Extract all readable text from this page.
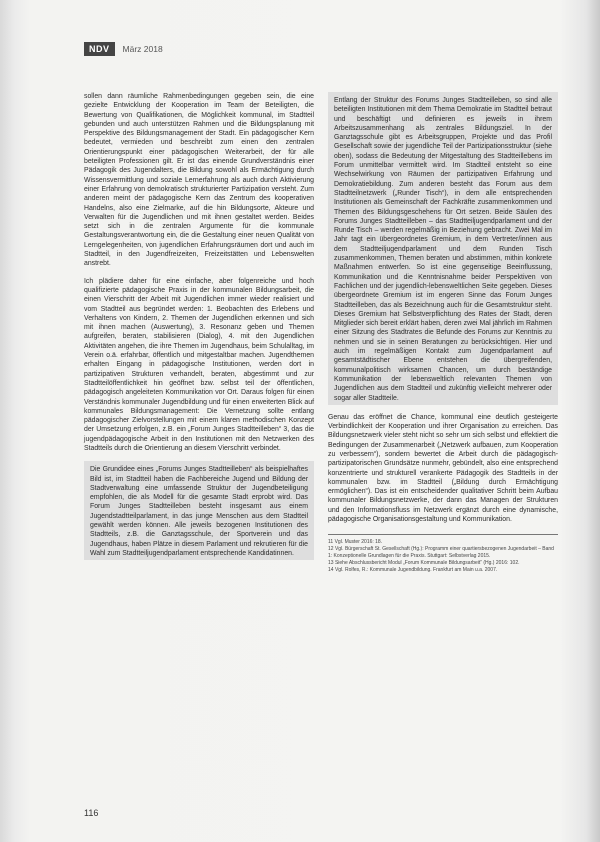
NDV	März 2018

sollen dann räumliche Rahmenbedingungen gegeben sein, die eine gezielte Entwicklung der Kooperation im Team der Beteiligten, die Bewertung von Qualifikationen, die Möglichkeit kommunal, im Stadtteil gebunden und auch unterstützen Rahmen und die Bildungsplanung mit Perspektive des Bildungsmanagement der Stadt. Ein pädagogischer Kern bedeutet, vermieden und beschreibt zum einen den zentralen Orientierungspunkt einer pädagogischen Weiterarbeit, der für alle beteiligten Professionen gilt. Er ist das einende Grundverständnis einer Pädagogik des Jugendalters, die Bildung sowohl als Ermächtigung durch Wissensvermittlung und soziale Lernerfahrung als auch durch Aktivierung einer Erfahrung von demokratisch strukturierter Partizipation versteht. Zum anderen meint der pädagogische Kern das Zentrum des kooperativen Handelns, also eine Zielmarke, auf die hin Bildungsorte, Akteure und Verwalten für die Jugendlichen und mit ihnen gestaltet werden. Beides setzt sich in die zentralen Argumente für die kommunale Gestaltungsverantwortung ein, die die Gestaltung einer neuen Qualität von Lerngelegenheiten, von jugendlichen Erfahrungsräumen dort und auch im Stadtteil, in den Jugendfreizeiten, Freizeitstätten und Lebenswelten anstrebt.

Ich plädiere daher für eine einfache, aber folgenreiche und hoch qualifizierte pädagogische Praxis in der kommunalen Bildungsarbeit, die einen Vierschritt der Arbeit mit Jugendlichen immer wieder realisiert und vom Stadtteil aus begründet werden: 1. Beobachten des Erlebens und Verhaltens von Kindern, 2. Themen der Jugendlichen erkennen und sich mit ihnen machen (Auswertung), 3. Resonanz geben und Themen aufgreifen, beraten, stabilisieren (Dialog), 4. mit den Jugendlichen Aktivitäten angehen, die ihre Themen im Jugendhaus, beim Schulalltag, im Verein o.ä. erfahrbar, öffentlich und mitgestaltbar machen. Jugendthemen erhalten Eingang in pädagogische Institutionen, werden dort in partizipativen Strukturen verhandelt, beraten, abgestimmt und zur Stadtteilöffentlichkeit hin geöffnet bzw. selbst teil der öffentlichen, pädagogisch angeleiteten Kommunikation vor Ort. Daraus folgen für einen Verständnis kommunaler Jugendbildung und für einen erweiterten Blick auf kommunales Bildungsmanagement: Die Vernetzung sollte entlang pädagogischer Zielvorstellungen mit einem klaren methodischen Konzept der Umsetzung erfolgen, z.B. ein „Forum Junges Stadtteilleben“ 3, das die jugendpädagogische Arbeit in den Institutionen mit den Netzwerken des Stadtteils durch die Orientierung an diesem Vierschritt verbindet.

Die Grundidee eines „Forums Junges Stadtteilleben“ als beispielhaftes Bild ist, im Stadtteil haben die Fachbereiche Jugend und Bildung der Stadtverwaltung eine umfassende Struktur der Jugendbeteiligung empfohlen, die als Modell für die gesamte Stadt erprobt wird. Das Forum Junges Stadtteilleben besteht insgesamt aus einem Jugendstadtteilparlament, in das junge Menschen aus dem Stadtteil gewählt werden können. Alle jeweils bezogenen Institutionen des Stadtteils, z.B. die Ganztagsschule, der Sportverein und das Jugendhaus, haben Plätze in diesem Parlament und rekrutieren für die Wahl zum Stadtteiljugendparlament entsprechende Kandidatinnen.

Entlang der Struktur des Forums Junges Stadtteilleben, so sind alle beteiligten Institutionen mit dem Thema Demokratie im Stadtteil betraut und beschäftigt und definieren es jeweils in ihrem Arbeitszusammenhang als zentrales Bildungsziel. In der Ganztagsschule gibt es Arbeitsgruppen, Projekte und das Profil Gesellschaft sowie der jugendliche Teil der Partizipationsstruktur (siehe oben), sodass die Bedeutung der Mitgestaltung des Stadtteillebens im Forum unmittelbar vermittelt wird. Im Stadtteil entsteht so eine Wechselwirkung von Räumen der partizipativen Erfahrung und Demokratiebildung. Zum anderen besteht das Forum aus dem Stadtteilnetzwerk („Runder Tisch“), in dem alle entsprechenden Institutionen als Gemeinschaft der Fachkräfte zusammenkommen und Themen des Bildungsgeschehens für Ort setzen. Beide Säulen des Forums Junges Stadtteilleben – das Stadtteiljugendparlament und der Runde Tisch – werden regelmäßig in Beziehung gebracht. Zwei Mal im Jahr tagt ein übergeordnetes Gremium, in dem Vertreter/innen aus dem Stadtteiljugendparlament und dem Runden Tisch zusammenkommen, Themen beraten und abstimmen, mithin konkrete Maßnahmen entwerfen. So ist eine gegenseitige Beeinflussung, Kommunikation und die Kenntnisnahme beider Perspektiven von Fachlichen und der jugendlich-lebensweltlichen Seite gegeben. Dieses übergeordnete Gremium ist im engeren Sinne das Forum Junges Stadtteilleben, das als Bezeichnung auch für die Gesamtstruktur steht. Dieses Gremium hat Selbstverpflichtung des Rates der Stadt, deren Mitglieder sich bereit erklärt haben, deren zwei Mal jährlich im Rahmen einer Sitzung des Stadtrates die Befunde des Forums zur Kenntnis zu nehmen und sie in seinen Beratungen zu berücksichtigen. Hier und auch im regelmäßigen Kontakt zum Jugendparlament auf gesamtstädtischer Ebene entstehen die übergreifenden, kommunalpolitisch wirksamen Chancen, um durch beständige Kommunikation der lebensweltlich relevanten Themen von Jugendlichen aus dem Stadtteil und zukünftig vielleicht mehrerer oder sogar aller Stadtteile.

Genau das eröffnet die Chance, kommunal eine deutlich gesteigerte Verbindlichkeit der Kooperation und ihrer Organisation zu erreichen. Das Bildungsnetzwerk vieler steht nicht so sehr um sich selbst und effektiert die Bedingungen der Zusammenarbeit („Netzwerk aufbauen, zum Kooperation zu verbessern“), sondern bewertet die Arbeit durch die pädagogisch-partizipatorischen Grundsätze nunmehr, gebündelt, also eine entsprechend konzentrierte und strukturell verankerte Pädagogik des Stadtteils in der kommunalen bzw. im Stadtteil („Bildung durch Ermächtigung ermöglichen“). Das ist ein entscheidender qualitativer Schritt beim Aufbau kommunaler Bildungsnetzwerke, der dann das Managen der Strukturen und den Informationsfluss im Netzwerk ergänzt durch eine dynamische, pädagogische Organisationsgestaltung und Kommunikation.

11 Vgl. Muster 2016: 18.

12 Vgl. Bürgerschaft St. Gesellschaft (Hg.): Programm einer quartiersbezogenen Jugendarbeit – Band 1: Konzeptionelle Grundlagen für die Praxis. Stuttgart: Selbstverlag 2015.

13 Siehe Abschlussbericht Modul „Forum Kommunale Bildungsarbeit“ (Hg.) 2016: 102.

14 Vgl. Rolfes, R.: Kommunale Jugendbildung. Frankfurt am Main u.a. 2007.

116
